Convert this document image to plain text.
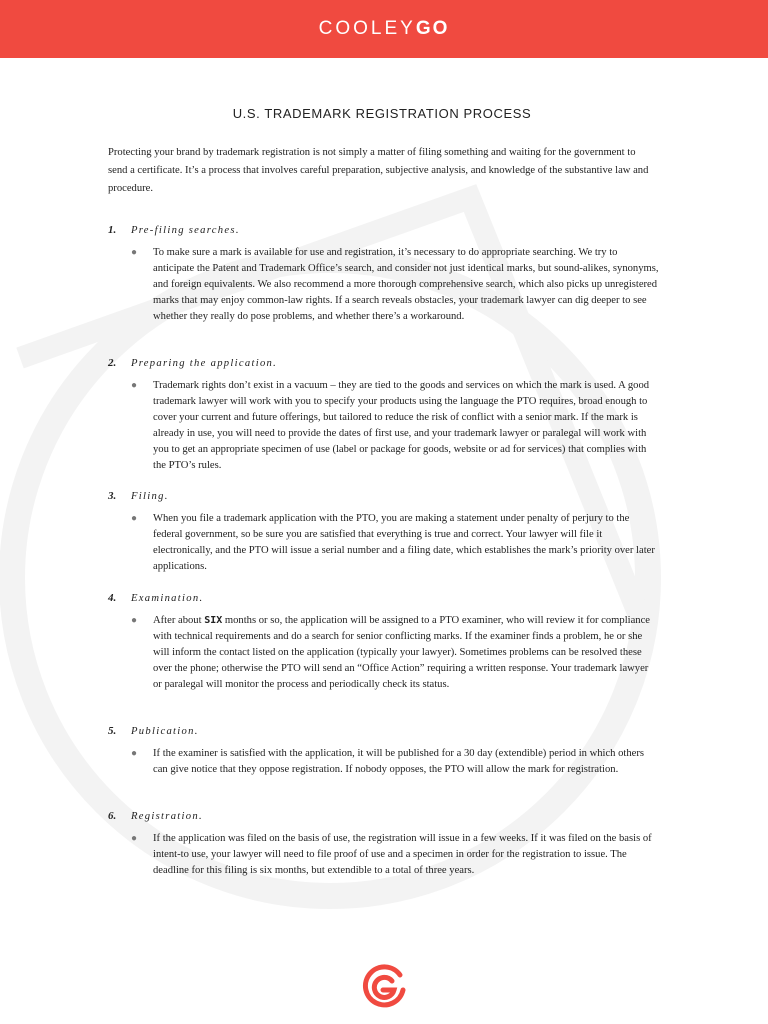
COOLEYGO
U.S. TRADEMARK REGISTRATION PROCESS

Protecting your brand by trademark registration is not simply a matter of filing something and waiting for the government to send a certificate. It’s a process that involves careful preparation, subjective analysis, and knowledge of the substantive law and procedure.

1. Pre-filing searches.

● To make sure a mark is available for use and registration, it’s necessary to do appropriate searching. We try to anticipate the Patent and Trademark Office’s search, and consider not just identical marks, but sound-alikes, synonyms, and foreign equivalents. We also recommend a more thorough comprehensive search, which also picks up unregistered marks that may enjoy common-law rights. If a search reveals obstacles, your trademark lawyer can dig deeper to see whether they really do pose problems, and whether there’s a workaround.

2. Preparing the application.

● Trademark rights don’t exist in a vacuum – they are tied to the goods and services on which the mark is used. A good trademark lawyer will work with you to specify your products using the language the PTO requires, broad enough to cover your current and future offerings, but tailored to reduce the risk of conflict with a senior mark. If the mark is already in use, you will need to provide the dates of first use, and your trademark lawyer or paralegal will work with you to get an appropriate specimen of use (label or package for goods, website or ad for services) that complies with the PTO’s rules.

3. Filing.

● When you file a trademark application with the PTO, you are making a statement under penalty of perjury to the federal government, so be sure you are satisfied that everything is true and correct. Your lawyer will file it electronically, and the PTO will issue a serial number and a filing date, which establishes the mark’s priority over later applications.

4. Examination.

● After about SIX months or so, the application will be assigned to a PTO examiner, who will review it for compliance with technical requirements and do a search for senior conflicting marks. If the examiner finds a problem, he or she will inform the contact listed on the application (typically your lawyer). Sometimes problems can be resolved these over the phone; otherwise the PTO will send an “Office Action” requiring a written response. Your trademark lawyer or paralegal will monitor the process and periodically check its status.

5. Publication.

● If the examiner is satisfied with the application, it will be published for a 30 day (extendible) period in which others can give notice that they oppose registration. If nobody opposes, the PTO will allow the mark for registration.

6. Registration.

● If the application was filed on the basis of use, the registration will issue in a few weeks. If it was filed on the basis of intent-to use, your lawyer will need to file proof of use and a specimen in order for the registration to issue. The deadline for this filing is six months, but extendible to a total of three years.
